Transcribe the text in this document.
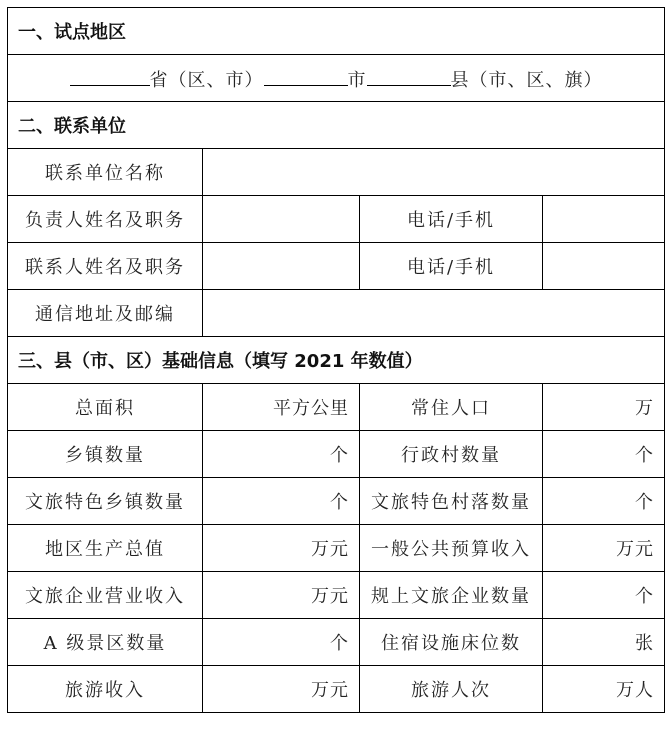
一、试点地区			
省（区、市） 市 县（市、区、旗）			
二、联系单位			
联系单位名称			
负责人姓名及职务		电话/手机	
联系人姓名及职务		电话/手机	
通信地址及邮编			
三、县（市、区）基础信息（填写 2021 年数值）			
总面积	平方公里	常住人口	万
乡镇数量	个	行政村数量	个
文旅特色乡镇数量	个	文旅特色村落数量	个
地区生产总值	万元	一般公共预算收入	万元
文旅企业营业收入	万元	规上文旅企业数量	个
A 级景区数量	个	住宿设施床位数	张
旅游收入	万元	旅游人次	万人
